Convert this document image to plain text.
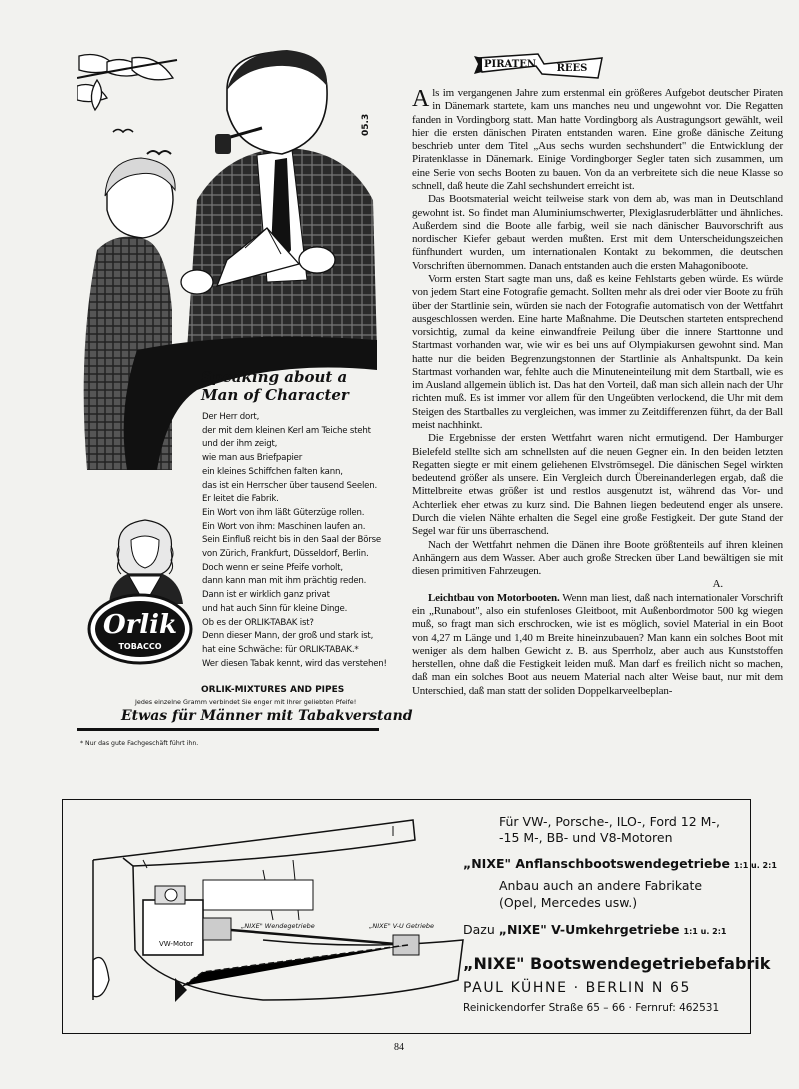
05.3
Speaking about a Man of Character
Der Herr dort,
der mit dem kleinen Kerl am Teiche steht
und der ihm zeigt,
wie man aus Briefpapier
ein kleines Schiffchen falten kann,
das ist ein Herrscher über tausend Seelen.
Er leitet die Fabrik.
Ein Wort von ihm läßt Güterzüge rollen.
Ein Wort von ihm: Maschinen laufen an.
Sein Einfluß reicht bis in den Saal der Börse
von Zürich, Frankfurt, Düsseldorf, Berlin.
Doch wenn er seine Pfeife vorholt,
dann kann man mit ihm prächtig reden.
Dann ist er wirklich ganz privat
und hat auch Sinn für kleine Dinge.
Ob es der ORLIK-TABAK ist?
Denn dieser Mann, der groß und stark ist,
hat eine Schwäche: für ORLIK-TABAK.*
Wer diesen Tabak kennt, wird das verstehen!
Orlik
TOBACCO
ORLIK-MIXTURES AND PIPES
Jedes einzelne Gramm verbindet Sie enger mit Ihrer geliebten Pfeife!
Etwas für Männer mit Tabakverstand
* Nur das gute Fachgeschäft führt ihn.
PIRATEN REES

Als im vergangenen Jahre zum erstenmal ein größeres Aufgebot deutscher Piraten in Dänemark startete, kam uns manches neu und ungewohnt vor. Die Regatten fanden in Vordingborg statt. Man hatte Vordingborg als Austragungsort gewählt, weil hier die ersten dänischen Piraten entstanden waren. Eine große dänische Zeitung beschrieb unter dem Titel „Aus sechs wurden sechshundert" die Entwicklung der Piratenklasse in Dänemark. Einige Vordingborger Segler taten sich zusammen, um eine Serie von sechs Booten zu bauen. Von da an verbreitete sich die neue Klasse so schnell, daß heute die Zahl sechshundert erreicht ist.

Das Bootsmaterial weicht teilweise stark von dem ab, was man in Deutschland gewohnt ist. So findet man Aluminiumschwerter, Plexiglasruderblätter und ähnliches. Außerdem sind die Boote alle farbig, weil sie nach dänischer Bauvorschrift aus nordischer Kiefer gebaut werden mußten. Erst mit dem Unterscheidungszeichen fünfhundert wurden, um internationalen Kontakt zu bekommen, die deutschen Vorschriften übernommen. Danach entstanden auch die ersten Mahagoniboote.

Vorm ersten Start sagte man uns, daß es keine Fehlstarts geben würde. Es würde von jedem Start eine Fotografie gemacht. Sollten mehr als drei oder vier Boote zu früh über der Startlinie sein, würden sie nach der Fotografie automatisch von der Wettfahrt ausgeschlossen werden. Eine harte Maßnahme. Die Deutschen starteten entsprechend vorsichtig, zumal da keine einwandfreie Peilung über die innere Starttonne und Startmast vorhanden war, wie wir es bei uns auf Olympiakursen gewohnt sind. Man hatte nur die beiden Begrenzungstonnen der Startlinie als Anhaltspunkt. Da kein Startmast vorhanden war, fehlte auch die Minuteneinteilung mit dem Startball, wie es im Ausland allgemein üblich ist. Das hat den Vorteil, daß man sich allein nach der Uhr richten muß. Es ist immer vor allem für den Ungeübten verlockend, die Uhr mit dem Steigen des Startballes zu vergleichen, was immer zu Zeitdifferenzen führt, da der Ball meist nachhinkt.

Die Ergebnisse der ersten Wettfahrt waren nicht ermutigend. Der Hamburger Bielefeld stellte sich am schnellsten auf die neuen Gegner ein. In den beiden letzten Regatten siegte er mit einem geliehenen Elvströmsegel. Die dänischen Segel wirkten bedeutend größer als unsere. Ein Vergleich durch Übereinanderlegen ergab, daß die Mittelbreite etwas größer ist und restlos ausgenutzt ist, während das Vor- und Achterliek eher etwas zu kurz sind. Die Bahnen liegen bedeutend enger als unsere. Durch die vielen Nähte erhalten die Segel eine große Festigkeit. Der gute Stand der Segel war für uns überraschend.

Nach der Wettfahrt nehmen die Dänen ihre Boote größtenteils auf ihren kleinen Anhängern aus dem Wasser. Aber auch große Strecken über Land bewältigen sie mit diesen primitiven Fahrzeugen.

A.

Leichtbau von Motorbooten. Wenn man liest, daß nach internationaler Vorschrift ein „Runabout", also ein stufenloses Gleitboot, mit Außenbordmotor 500 kg wiegen muß, so fragt man sich erschrocken, wie ist es möglich, soviel Material in ein Boot von 4,27 m Länge und 1,40 m Breite hineinzubauen? Man kann ein solches Boot mit weniger als dem halben Gewicht z. B. aus Sperrholz, aber auch aus Kunststoffen herstellen, ohne daß die Festigkeit leiden muß. Man darf es freilich nicht so machen, daß man ein solches Boot aus neuem Material nach alter Weise baut, nur mit dem Unterschied, daß man statt der soliden Doppelkarveelbeplan-

VW-Motor
„NIXE" Wendegetriebe	„NIXE" V-U Getriebe
Für VW-, Porsche-, ILO-, Ford 12 M-,
-15 M-, BB- und V8-Motoren
„NIXE" Anflanschbootswendegetriebe 1:1 u. 2:1
Anbau auch an andere Fabrikate
(Opel, Mercedes usw.)
Dazu „NIXE" V-Umkehrgetriebe 1:1 u. 2:1
„NIXE" Bootswendegetriebefabrik
PAUL KÜHNE · BERLIN N 65
Reinickendorfer Straße 65 – 66 · Fernruf: 462531
84
